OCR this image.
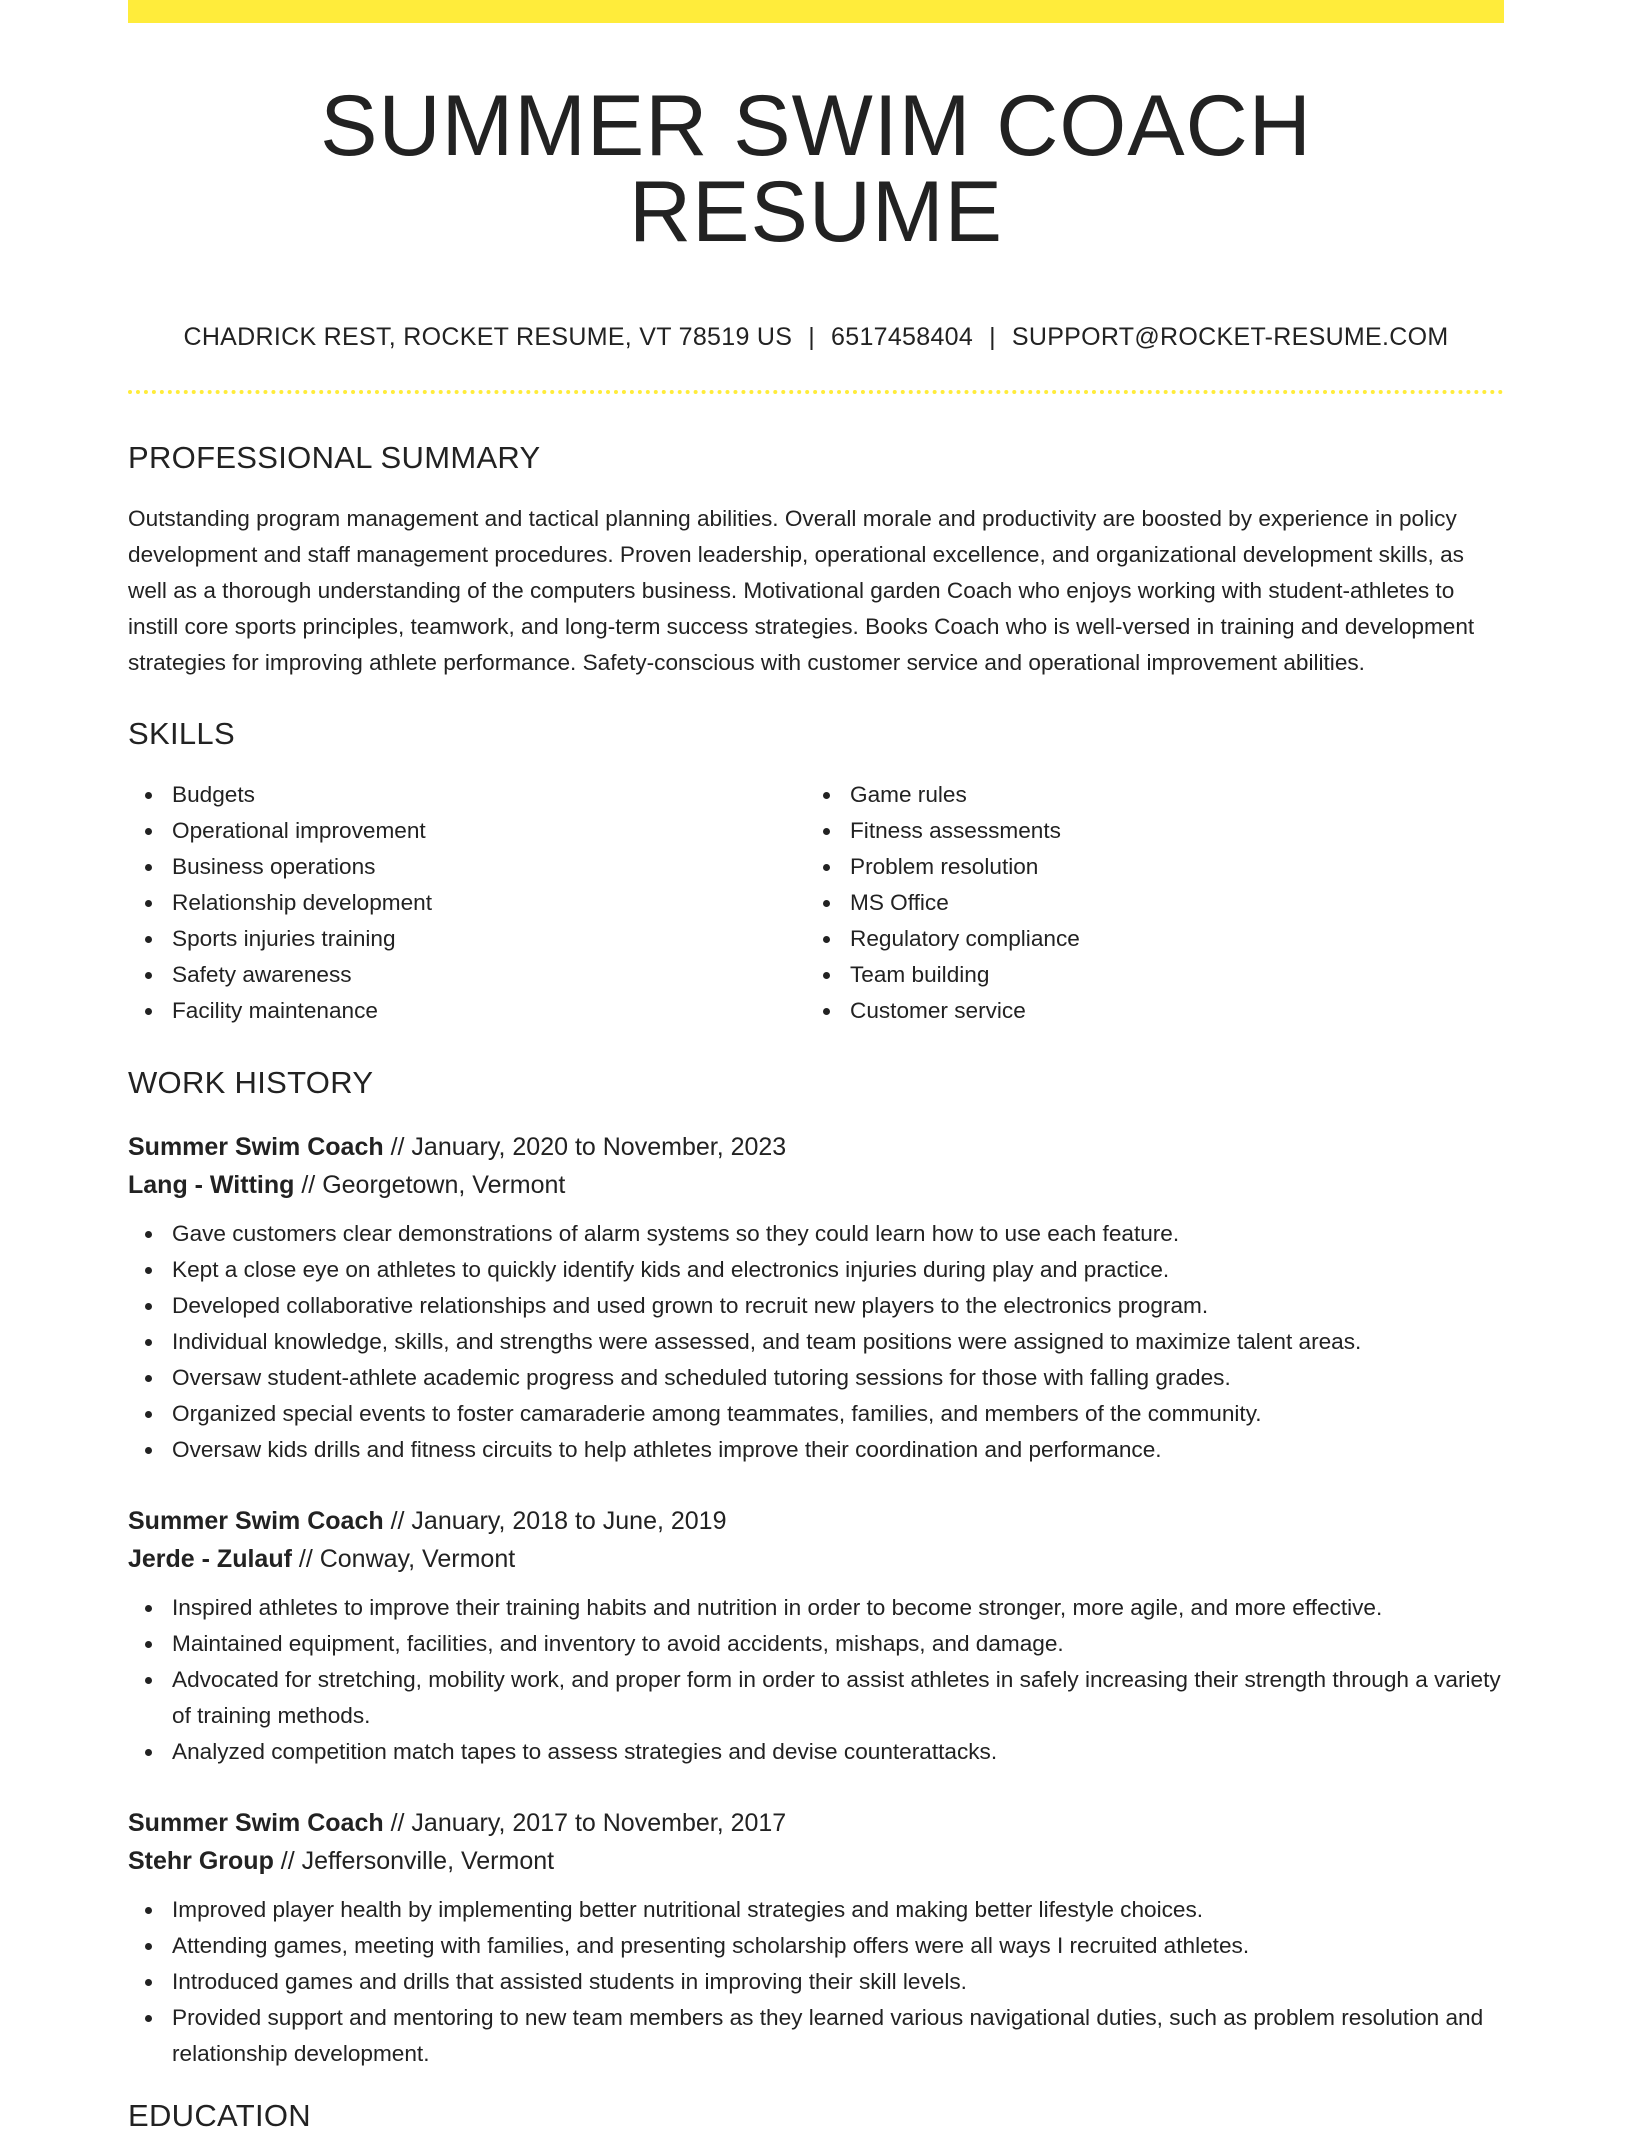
SUMMER SWIM COACH RESUME
CHADRICK REST, ROCKET RESUME, VT 78519 US | 6517458404 | SUPPORT@ROCKET-RESUME.COM
PROFESSIONAL SUMMARY

Outstanding program management and tactical planning abilities. Overall morale and productivity are boosted by experience in policy development and staff management procedures. Proven leadership, operational excellence, and organizational development skills, as well as a thorough understanding of the computers business. Motivational garden Coach who enjoys working with student-athletes to instill core sports principles, teamwork, and long-term success strategies. Books Coach who is well-versed in training and development strategies for improving athlete performance. Safety-conscious with customer service and operational improvement abilities.

SKILLS
Budgets
Operational improvement
Business operations
Relationship development
Sports injuries training
Safety awareness
Facility maintenance
Game rules
Fitness assessments
Problem resolution
MS Office
Regulatory compliance
Team building
Customer service
WORK HISTORY
Summer Swim Coach // January, 2020 to November, 2023
Lang - Witting // Georgetown, Vermont
Gave customers clear demonstrations of alarm systems so they could learn how to use each feature.
Kept a close eye on athletes to quickly identify kids and electronics injuries during play and practice.
Developed collaborative relationships and used grown to recruit new players to the electronics program.
Individual knowledge, skills, and strengths were assessed, and team positions were assigned to maximize talent areas.
Oversaw student-athlete academic progress and scheduled tutoring sessions for those with falling grades.
Organized special events to foster camaraderie among teammates, families, and members of the community.
Oversaw kids drills and fitness circuits to help athletes improve their coordination and performance.
Summer Swim Coach // January, 2018 to June, 2019
Jerde - Zulauf // Conway, Vermont
Inspired athletes to improve their training habits and nutrition in order to become stronger, more agile, and more effective.
Maintained equipment, facilities, and inventory to avoid accidents, mishaps, and damage.
Advocated for stretching, mobility work, and proper form in order to assist athletes in safely increasing their strength through a variety of training methods.
Analyzed competition match tapes to assess strategies and devise counterattacks.
Summer Swim Coach // January, 2017 to November, 2017
Stehr Group // Jeffersonville, Vermont
Improved player health by implementing better nutritional strategies and making better lifestyle choices.
Attending games, meeting with families, and presenting scholarship offers were all ways I recruited athletes.
Introduced games and drills that assisted students in improving their skill levels.
Provided support and mentoring to new team members as they learned various navigational duties, such as problem resolution and relationship development.
EDUCATION
